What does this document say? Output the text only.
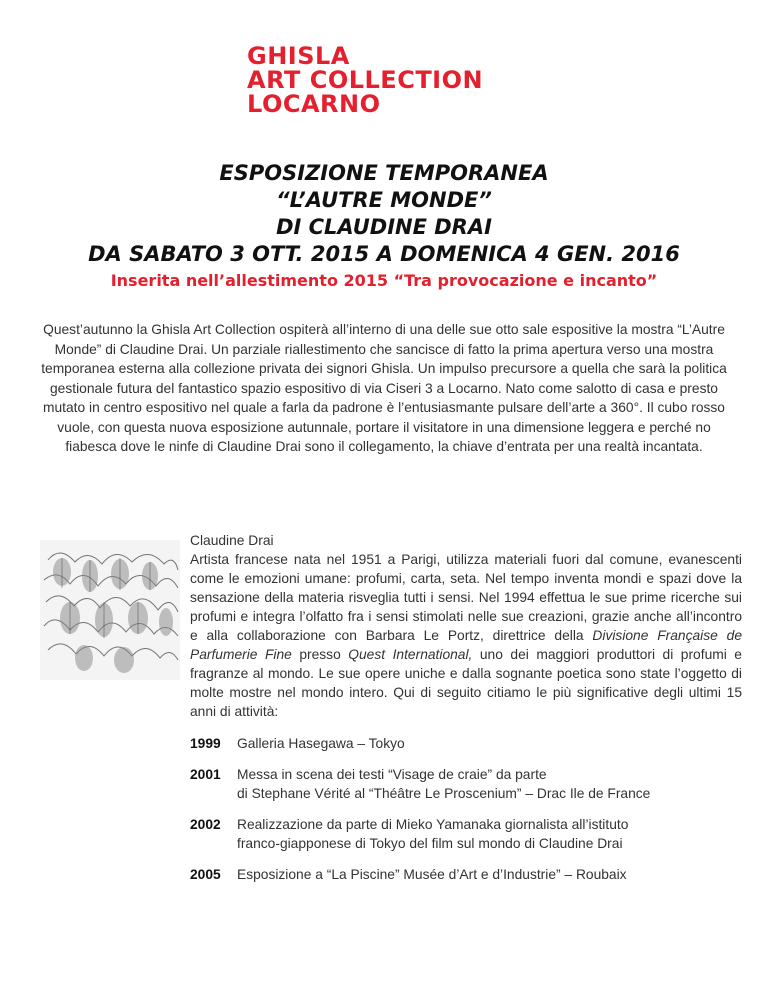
GHISLA
ART COLLECTION
LOCARNO
ESPOSIZIONE TEMPORANEA
“L’AUTRE MONDE”
DI CLAUDINE DRAI
DA SABATO 3 OTT. 2015 A DOMENICA 4 GEN. 2016
Inserita nell’allestimento 2015 “Tra provocazione e incanto”
Quest’autunno la Ghisla Art Collection ospiterà all’interno di una delle sue otto sale espositive la mostra “L’Autre Monde” di Claudine Drai. Un parziale riallestimento che sancisce di fatto la prima apertura verso una mostra temporanea esterna alla collezione privata dei signori Ghisla. Un impulso precursore a quella che sarà la politica gestionale futura del fantastico spazio espositivo di via Ciseri 3 a Locarno. Nato come salotto di casa e presto mutato in centro espositivo nel quale a farla da padrone è l’entusiasmante pulsare dell’arte a 360°. Il cubo rosso vuole, con questa nuova esposizione autunnale, portare il visitatore in una dimensione leggera e perché no fiabesca dove le ninfe di Claudine Drai sono il collegamento, la chiave d’entrata per una realtà incantata.
Claudine Drai
Artista francese nata nel 1951 a Parigi, utilizza materiali fuori dal comune, evanescenti come le emozioni umane: profumi, carta, seta. Nel tempo inventa mondi e spazi dove la sensazione della materia risveglia tutti i sensi. Nel 1994 effettua le sue prime ricerche sui profumi e integra l’olfatto fra i sensi stimolati nelle sue creazioni, grazie anche all’incontro e alla collaborazione con Barbara Le Portz, direttrice della Divisione Française de Parfumerie Fine presso Quest International, uno dei maggiori produttori di profumi e fragranze al mondo. Le sue opere uniche e dalla sognante poetica sono state l’oggetto di molte mostre nel mondo intero. Qui di seguito citiamo le più significative degli ultimi 15 anni di attività:
1999	Galleria Hasegawa – Tokyo
2001	Messa in scena dei testi “Visage de craie” da parte
di Stephane Vérité al “Théâtre Le Proscenium” – Drac Ile de France
2002	Realizzazione da parte di Mieko Yamanaka giornalista all’istituto
franco-giapponese di Tokyo del film sul mondo di Claudine Drai
2005	Esposizione a “La Piscine” Musée d’Art e d’Industrie” – Roubaix
